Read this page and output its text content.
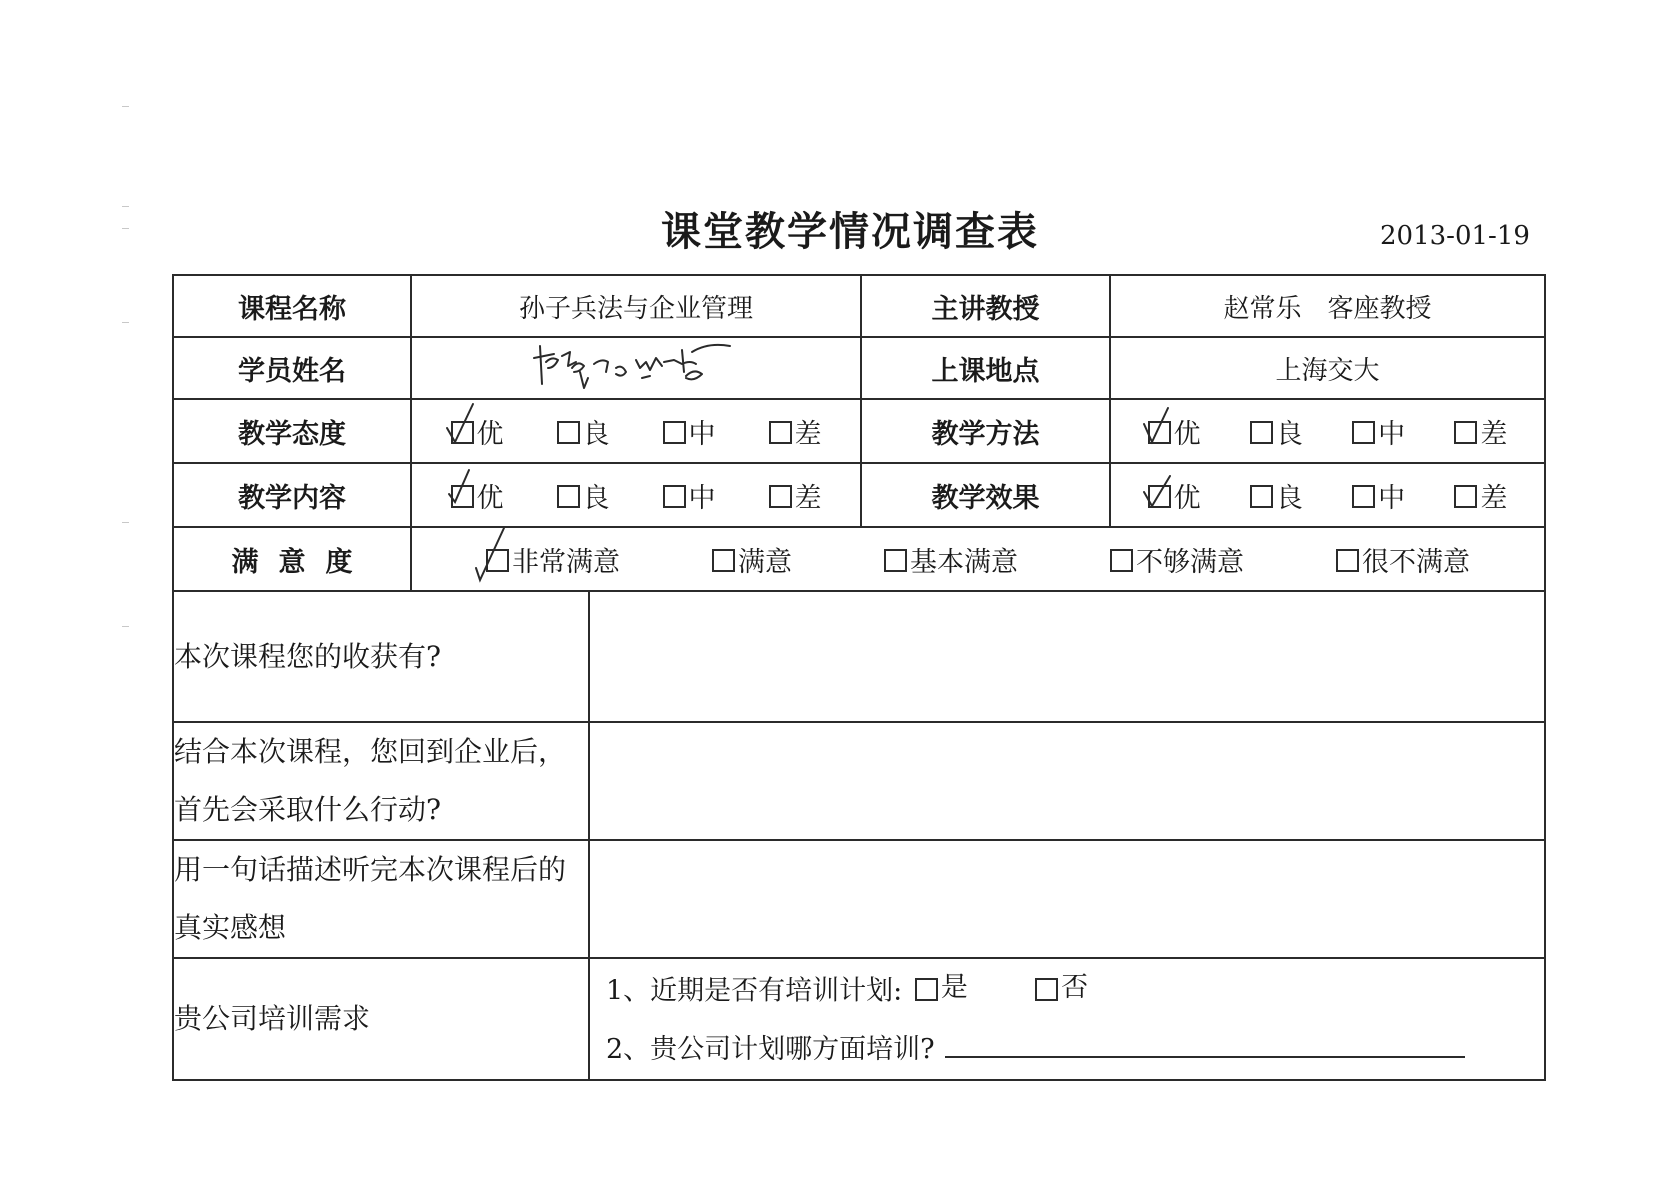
课堂教学情况调查表	2013-01-19
课程名称	孙子兵法与企业管理		主讲教授	赵常乐　客座教授
学员姓名			上课地点	上海交大
教学态度	优 良 中 差		教学方法	优 良 中 差

教学内容	优 良 中 差		教学效果	优 良 中 差

满意度	非常满意 满意 基本满意 不够满意 很不满意			

本次课程您的收获有?				
结合本次课程，您回到企业后，首先会采取什么行动?				
用一句话描述听完本次课程后的真实感想				
贵公司培训需求		1、近期是否有培训计划: 是
否
2、贵公司计划哪方面培训?		
